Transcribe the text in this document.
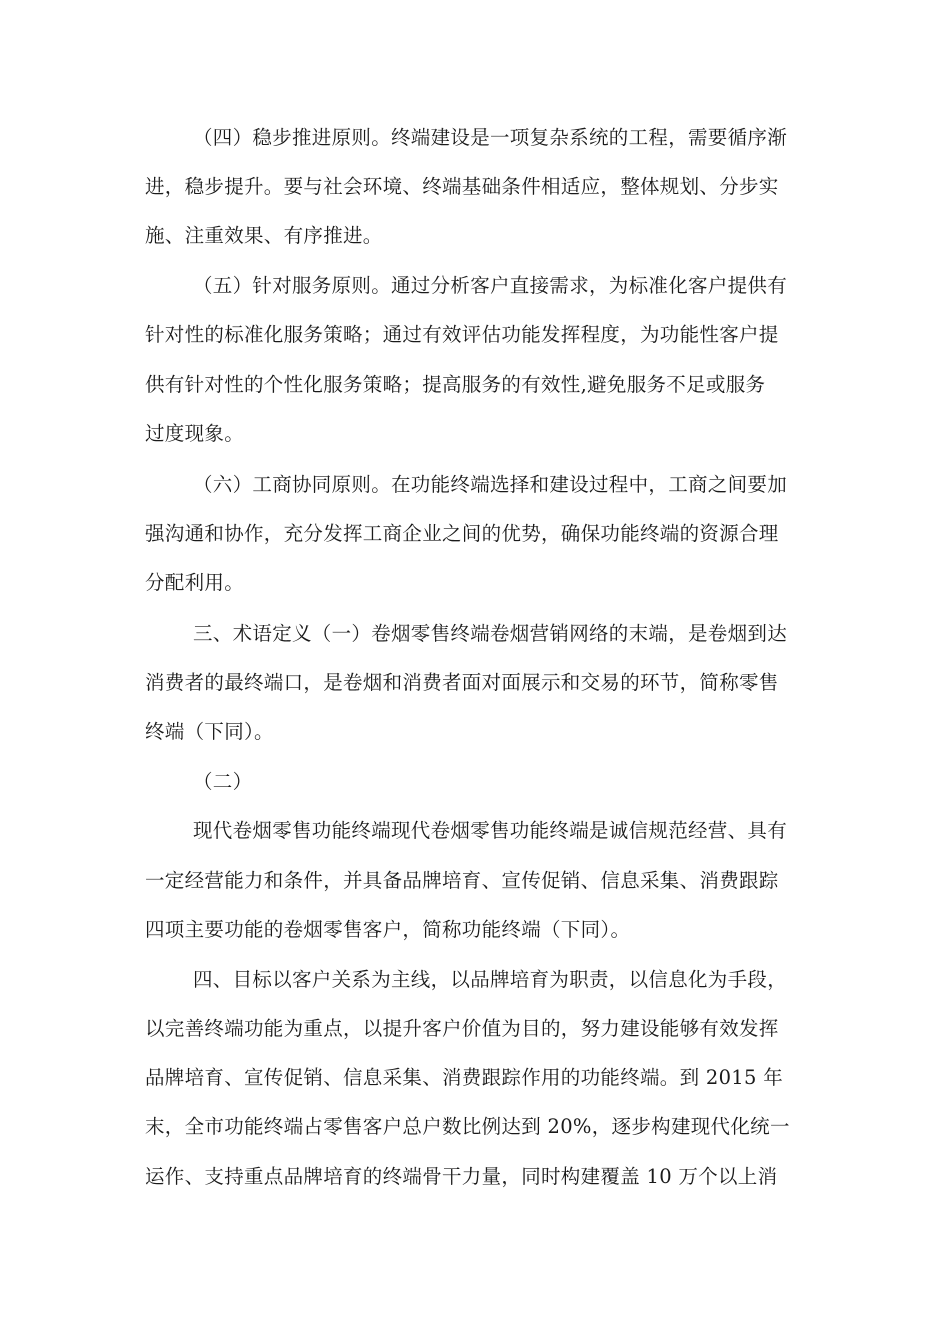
（四）稳步推进原则。终端建设是一项复杂系统的工程，需要循序渐
进，稳步提升。要与社会环境、终端基础条件相适应，整体规划、分步实
施、注重效果、有序推进。
（五）针对服务原则。通过分析客户直接需求，为标准化客户提供有
针对性的标准化服务策略；通过有效评估功能发挥程度，为功能性客户提
供有针对性的个性化服务策略；提高服务的有效性,避免服务不足或服务
过度现象。
（六）工商协同原则。在功能终端选择和建设过程中，工商之间要加
强沟通和协作，充分发挥工商企业之间的优势，确保功能终端的资源合理
分配利用。
三、术语定义（一）卷烟零售终端卷烟营销网络的末端，是卷烟到达
消费者的最终端口，是卷烟和消费者面对面展示和交易的环节，简称零售
终端（下同）。
（二）
现代卷烟零售功能终端现代卷烟零售功能终端是诚信规范经营、具有
一定经营能力和条件，并具备品牌培育、宣传促销、信息采集、消费跟踪
四项主要功能的卷烟零售客户，简称功能终端（下同）。
四、目标以客户关系为主线，以品牌培育为职责，以信息化为手段，
以完善终端功能为重点，以提升客户价值为目的，努力建设能够有效发挥
品牌培育、宣传促销、信息采集、消费跟踪作用的功能终端。到 2015 年
末，全市功能终端占零售客户总户数比例达到 20%，逐步构建现代化统一
运作、支持重点品牌培育的终端骨干力量，同时构建覆盖 10 万个以上消
